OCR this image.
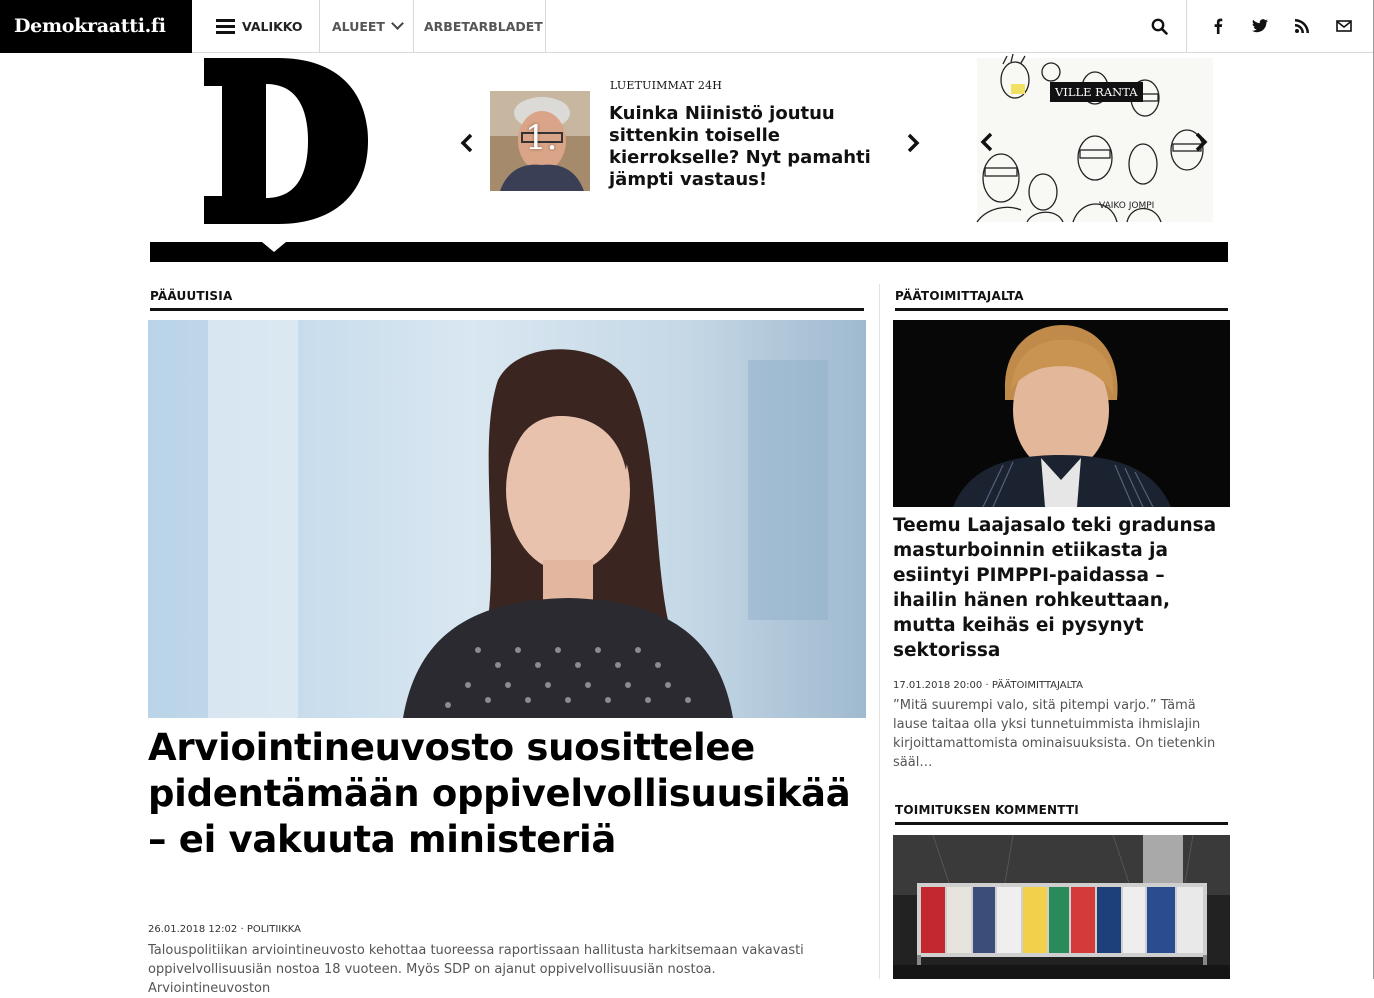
Demokraatti.fi	VALIKKO ALUEET	ARBETARBLADET
1.
LUETUIMMAT 24H
Kuinka Niinistö joutuu sittenkin toiselle kierrokselle? Nyt pamahti jämpti vastaus!
VAIKO JOMPI
VILLE RANTA
PÄÄUUTISIA
Arviointineuvosto suosittelee pidentämään oppivelvollisuusikää – ei vakuuta ministeriä
26.01.2018 12:02 · POLITIIKKA
Talouspolitiikan arviointineuvosto kehottaa tuoreessa raportissaan hallitusta harkitsemaan vakavasti oppivelvollisuusiän nostoa 18 vuoteen. Myös SDP on ajanut oppivelvollisuusiän nostoa. Arviointineuvoston
PÄÄTOIMITTAJALTA
Teemu Laajasalo teki gradunsa masturboinnin etiikasta ja esiintyi PIMPPI-paidassa – ihailin hänen rohkeuttaan, mutta keihäs ei pysynyt sektorissa
17.01.2018 20:00 · PÄÄTOIMITTAJALTA
”Mitä suurempi valo, sitä pitempi varjo.” Tämä lause taitaa olla yksi tunnetuimmista ihmislajin kirjoittamattomista ominaisuuksista. On tietenkin sääl…
TOIMITUKSEN KOMMENTTI
